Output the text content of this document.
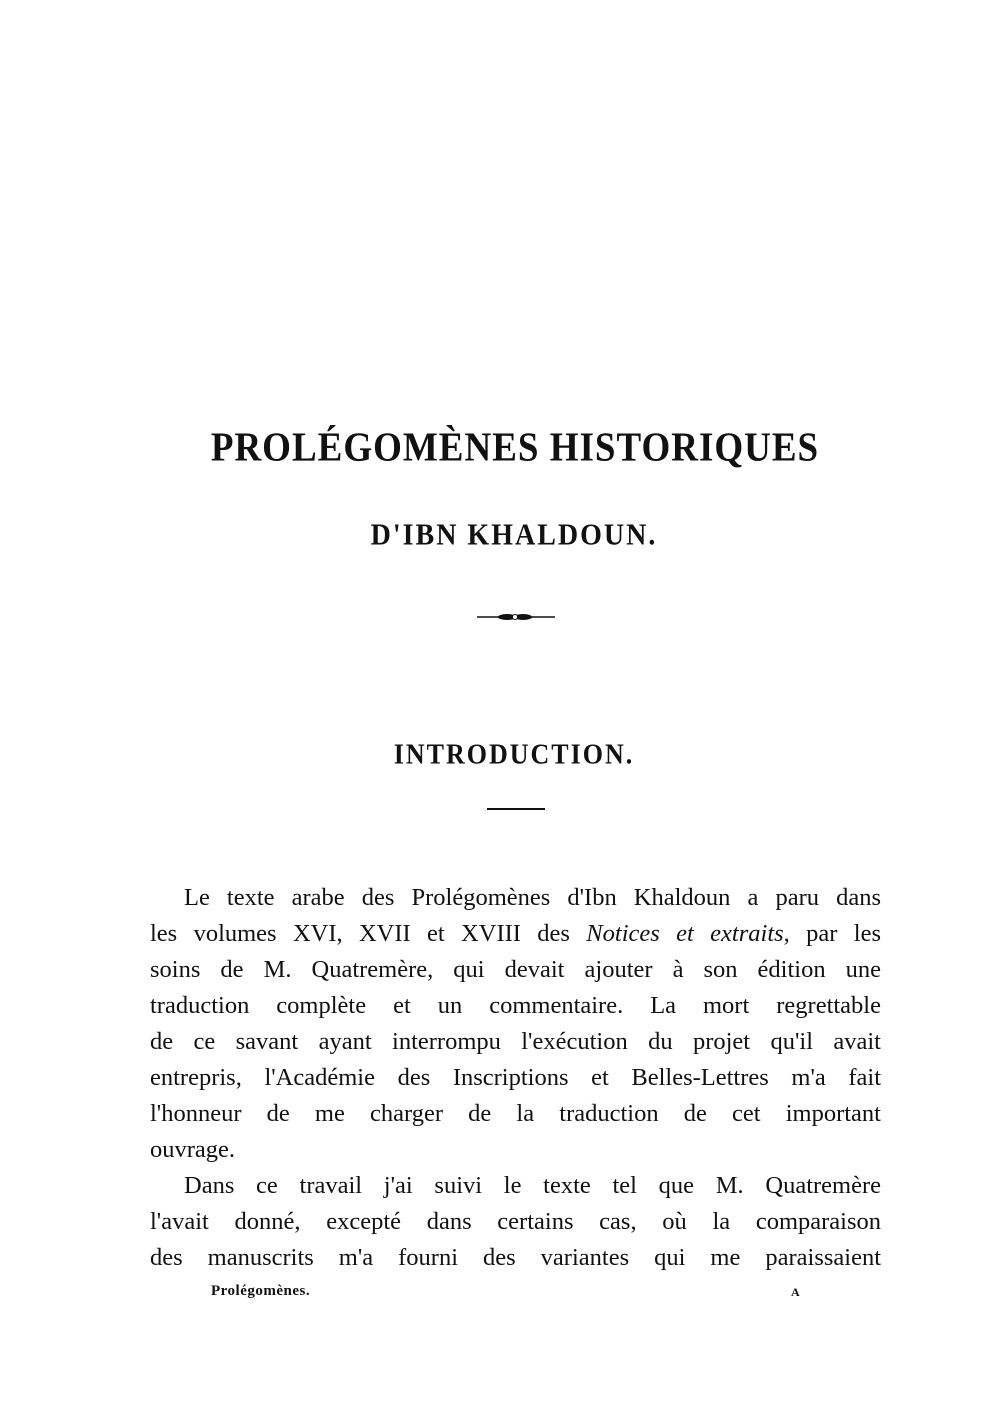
PROLÉGOMÈNES HISTORIQUES
D'IBN KHALDOUN.
INTRODUCTION.
Le texte arabe des Prolégomènes d'Ibn Khaldoun a paru dans
les volumes XVI, XVII et XVIII des Notices et extraits, par les
soins de M. Quatremère, qui devait ajouter à son édition une
traduction complète et un commentaire. La mort regrettable
de ce savant ayant interrompu l'exécution du projet qu'il avait
entrepris, l'Académie des Inscriptions et Belles-Lettres m'a fait
l'honneur de me charger de la traduction de cet important
ouvrage.
Dans ce travail j'ai suivi le texte tel que M. Quatremère
l'avait donné, excepté dans certains cas, où la comparaison
des manuscrits m'a fourni des variantes qui me paraissaient
Prolégomènes.	A
